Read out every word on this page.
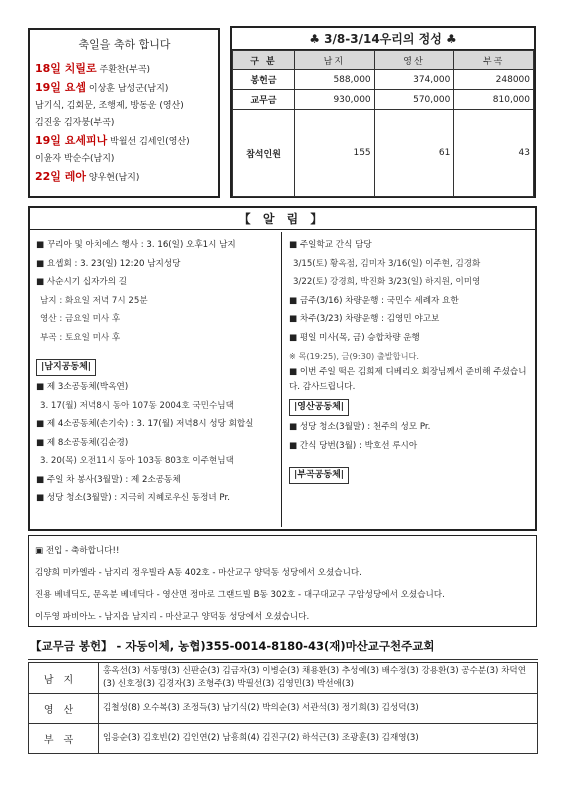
축일을 축하 합니다
18일 치릴로 주환찬(부곡)
19일 요셉 이상훈 남성군(남지)
남기식, 김회문, 조행제, 방동운 (영산)
김진웅 김자붕(부곡)
19일 요세피나 박월선 김세인(영산)
이윤자 박순수(남지)
22일 레아 양우현(남지)
♣ 3/8-3/14우리의 정성 ♣
구 분	남지	영산	부곡
봉헌금	588,000	374,000	248000
교무금	930,000	570,000	810,000
참석인원	155	61	43
【 알 림 】
■ 꾸리아 및 아치에스 행사 : 3. 16(일) 오후1시 남지
■ 요셉회 : 3. 23(일) 12:20 남지성당
■ 사순시기 십자가의 길
남지 : 화요일 저녁 7시 25분
영산 : 금요일 미사 후
부곡 : 토요일 미사 후
|남지공동체|
■ 제 3소공동체(박옥연)
3. 17(월) 저녁8시 동아 107동 2004호 국민수님댁
■ 제 4소공동체(손기숙) : 3. 17(월) 저녁8시 성당 회합실
■ 제 8소공동체(김순경)
3. 20(목) 오전11시 동아 103동 803호 이주현님댁
■ 주일 차 봉사(3월말) : 제 2소공동체
■ 성당 청소(3월말) : 지극히 지혜로우신 동정녀 Pr.
■ 주일학교 간식 담당
3/15(토) 황옥점, 김미자 3/16(일) 이주현, 김경화
3/22(토) 강경희, 박진화 3/23(일) 하지원, 이미영
■ 금주(3/16) 차량운행 : 국민수 세례자 요한
■ 차주(3/23) 차량운행 : 김영민 야고보
■ 평일 미사(목, 금) 승합차량 운행
※ 목(19:25), 금(9:30) 출발합니다.
■ 이번 주일 떡은 김희제 디베리오 회장님께서 준비해 주셨습니다. 감사드립니다.
|영산공동체|
■ 성당 청소(3월말) : 천주의 성모 Pr.
■ 간식 당번(3월) : 박호선 루시아
|부곡공동체|
▣ 전입 - 축하합니다!!
김양희 미카엘라 - 남지리 정우빌라 A동 402호 - 마산교구 양덕동 성당에서 오셨습니다.
진용 베네딕도, 문옥분 베네딕다 - 영산면 정마로 그랜드빌 B동 302호 - 대구대교구 구암성당에서 오셨습니다.
이두영 파비아노 - 남지읍 남지리 - 마산교구 양덕동 성당에서 오셨습니다.
【교무금 봉헌】 - 자동이체, 농협)355-0014-8180-43(재)마산교구천주교회
남지	홍옥선(3) 서동명(3) 신판순(3) 김금자(3) 이병순(3) 채용환(3) 추성예(3) 배수정(3) 강용환(3) 공수분(3) 차덕연(3) 신호정(3) 김경자(3) 조형주(3) 박필선(3) 김영민(3) 박선애(3)
영산	김철성(8) 오수복(3) 조정득(3) 남기식(2) 박의순(3) 서관석(3) 정기희(3) 김성덕(3)
부곡	임응순(3) 김호빈(2) 김인연(2) 남흥희(4) 김진구(2) 하석근(3) 조광훈(3) 김재영(3)
